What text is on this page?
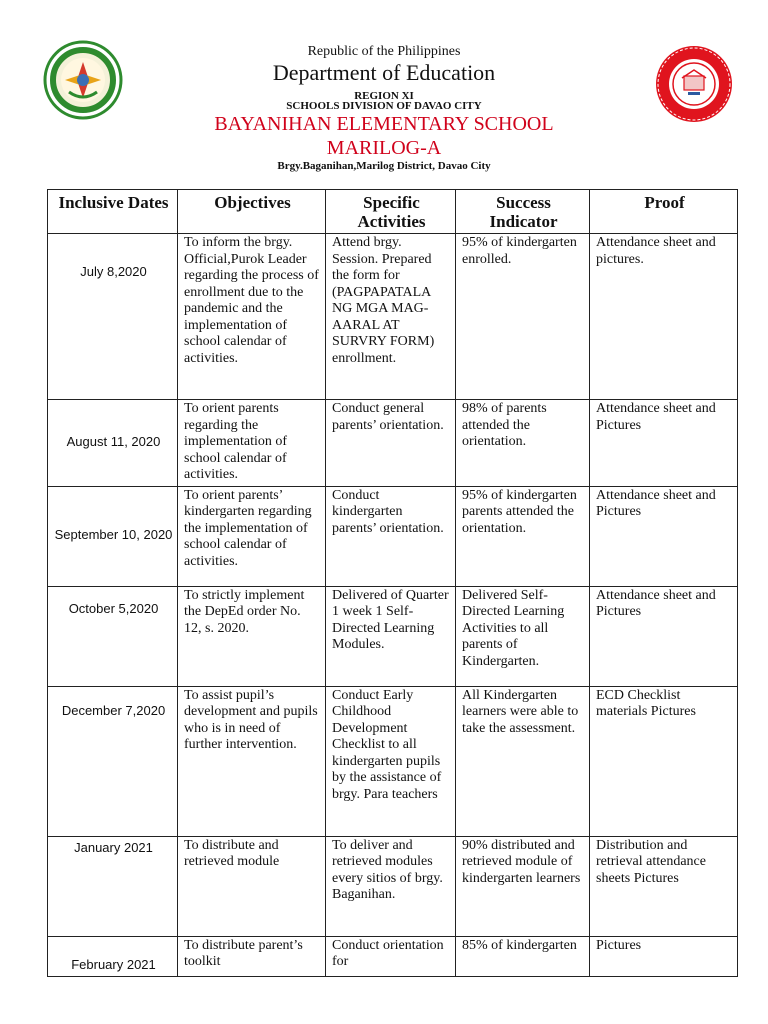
Republic of the Philippines
Department of Education
REGION XI
SCHOOLS DIVISION OF DAVAO CITY
BAYANIHAN ELEMENTARY SCHOOL
MARILOG-A
Brgy.Baganihan,Marilog District, Davao City
Inclusive Dates	Objectives	Specific Activities	Success Indicator	Proof
July 8,2020	To inform the brgy. Official,Purok Leader regarding the process of enrollment due to the pandemic and the implementation of school calendar of activities.	Attend brgy. Session. Prepared the form for (PAGPAPATALA NG MGA MAG-AARAL AT SURVRY FORM) enrollment.	95% of kindergarten enrolled.	Attendance sheet and pictures.
August 11, 2020	To orient parents regarding the implementation of school calendar of activities.	Conduct general parents’ orientation.	98% of parents attended the orientation.	Attendance sheet and Pictures
September 10, 2020	To orient parents’ kindergarten regarding the implementation of school calendar of activities.	Conduct kindergarten parents’ orientation.	95% of kindergarten parents attended the orientation.	Attendance sheet and Pictures
October 5,2020	To strictly implement the DepEd order No. 12, s. 2020.	Delivered of Quarter 1 week 1 Self-Directed Learning Modules.	Delivered Self-Directed Learning Activities to all parents of Kindergarten.	Attendance sheet and Pictures
December 7,2020	To assist pupil’s development and pupils who is in need of further intervention.	Conduct Early Childhood Development Checklist to all kindergarten pupils by the assistance of brgy. Para teachers	All Kindergarten learners were able to take the assessment.	ECD Checklist materials Pictures
January 2021	To distribute and retrieved module	To deliver and retrieved modules every sitios of brgy. Baganihan.	90% distributed and retrieved module of kindergarten learners	Distribution and retrieval attendance sheets Pictures
February 2021	To distribute parent’s toolkit	Conduct orientation for	85% of kindergarten	Pictures
